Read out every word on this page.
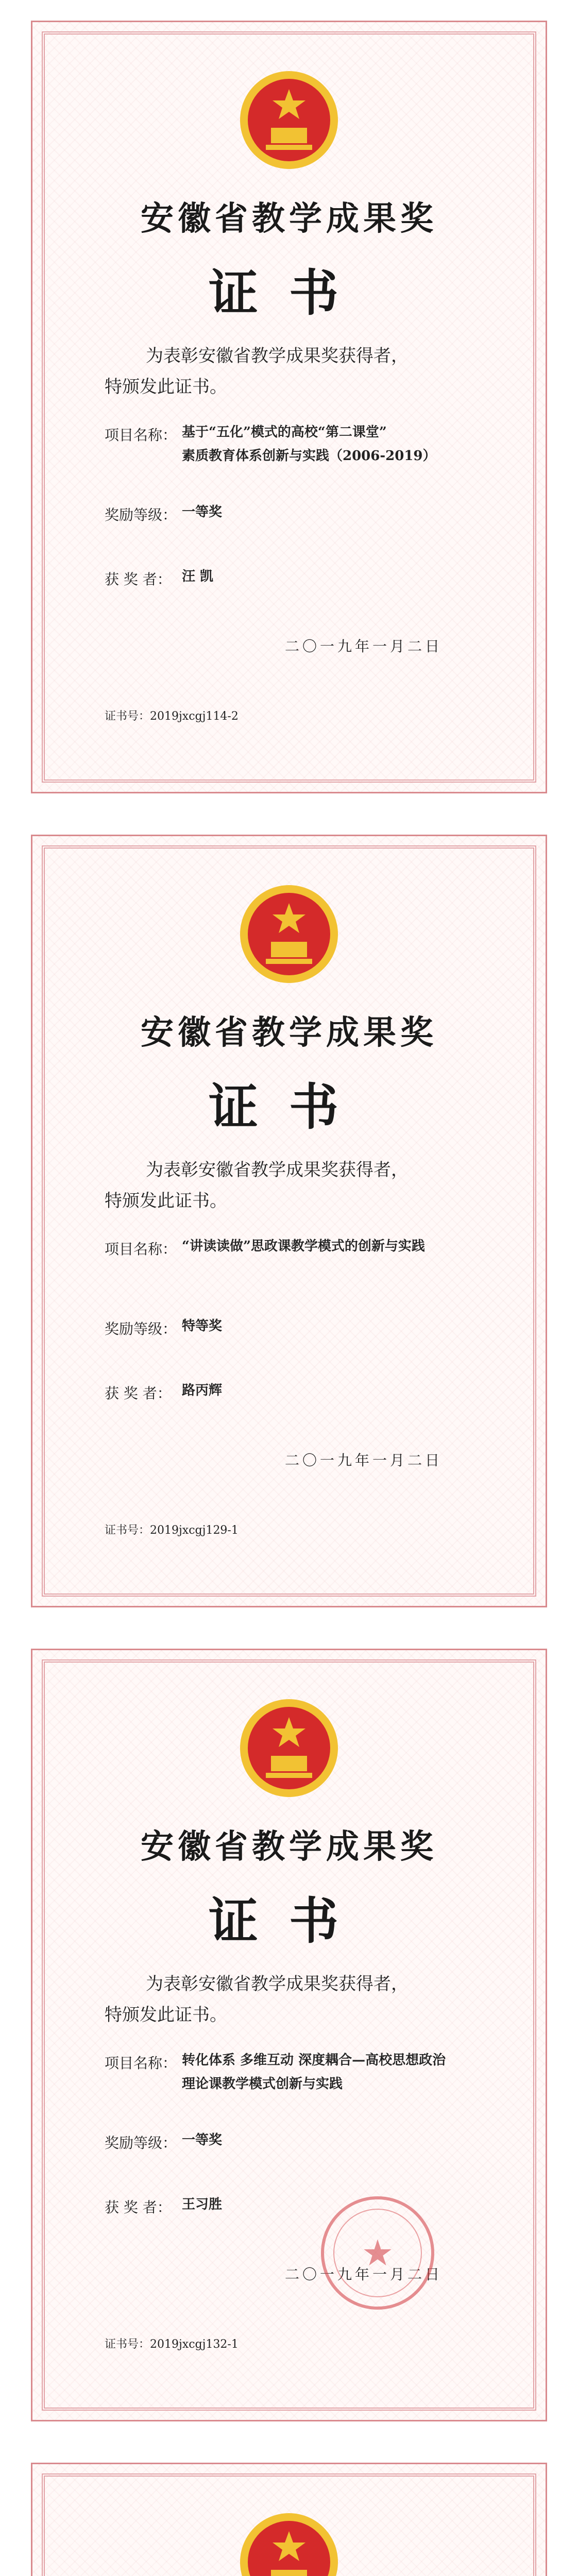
安徽省教学成果奖
证书
为表彰安徽省教学成果奖获得者，
特颁发此证书。
项目名称： 基于“五化”模式的高校“第二课堂”
素质教育体系创新与实践（2006-2019）
奖励等级： 一等奖
获 奖 者： 汪 凯
二〇一九年一月二日
证书号：2019jxcgj114-2
安徽省教学成果奖
证书
为表彰安徽省教学成果奖获得者，
特颁发此证书。
项目名称： “讲读读做”思政课教学模式的创新与实践
奖励等级： 特等奖
获 奖 者： 路丙辉
二〇一九年一月二日
证书号：2019jxcgj129-1
安徽省教学成果奖
证书
为表彰安徽省教学成果奖获得者，
特颁发此证书。
项目名称： 转化体系 多维互动 深度耦合—高校思想政治
理论课教学模式创新与实践
奖励等级： 一等奖
获 奖 者： 王习胜
二〇一九年一月二日
证书号：2019jxcgj132-1
★
